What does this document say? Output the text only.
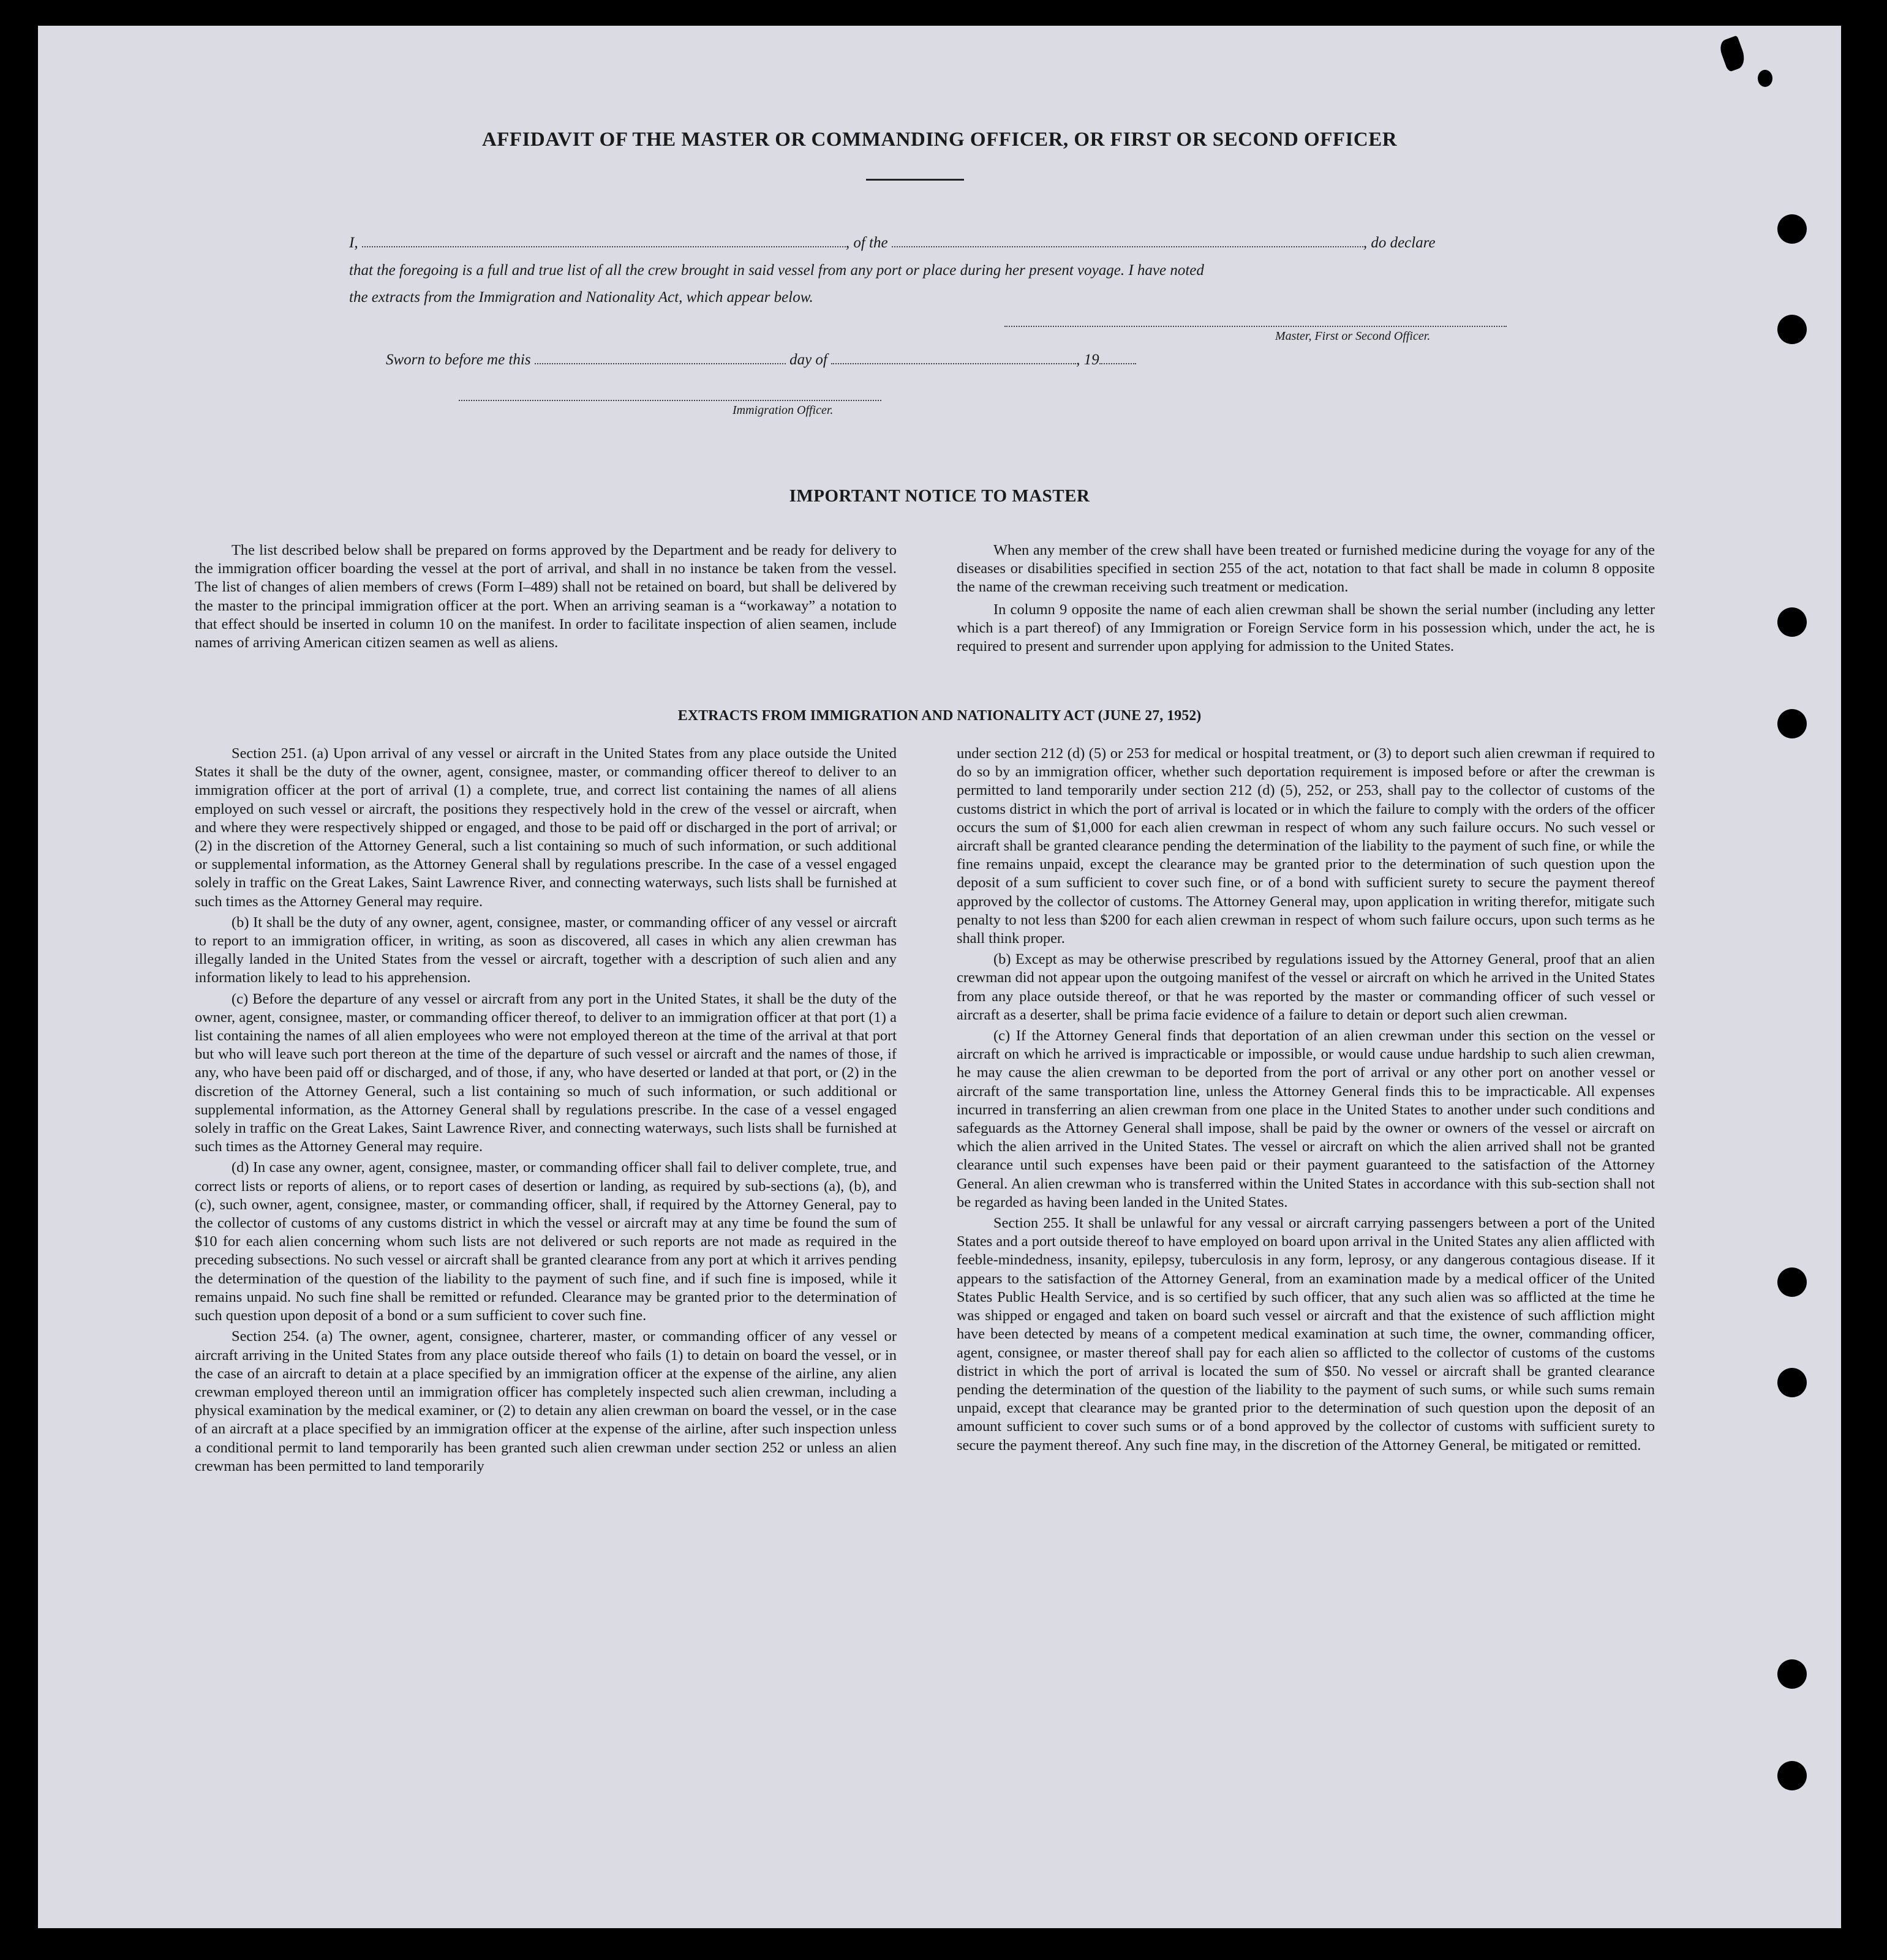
AFFIDAVIT OF THE MASTER OR COMMANDING OFFICER, OR FIRST OR SECOND OFFICER
I,	, of the	, do declare
that the foregoing is a full and true list of all the crew brought in said vessel from any port or place during her present voyage. I have noted
the extracts from the Immigration and Nationality Act, which appear below.
Master, First or Second Officer.
Sworn to before me this	day of	, 19
Immigration Officer.
IMPORTANT NOTICE TO MASTER

The list described below shall be prepared on forms approved by the Department and be ready for delivery to the immigration officer boarding the vessel at the port of arrival, and shall in no instance be taken from the vessel. The list of changes of alien members of crews (Form I–489) shall not be retained on board, but shall be delivered by the master to the principal immigration officer at the port. When an arriving seaman is a “workaway” a notation to that effect should be inserted in column 10 on the manifest. In order to facilitate inspection of alien seamen, include names of arriving American citizen seamen as well as aliens.

When any member of the crew shall have been treated or furnished medicine during the voyage for any of the diseases or disabilities specified in section 255 of the act, notation to that fact shall be made in column 8 opposite the name of the crewman receiving such treatment or medication.

In column 9 opposite the name of each alien crewman shall be shown the serial number (including any letter which is a part thereof) of any Immigration or Foreign Service form in his possession which, under the act, he is required to present and surrender upon applying for admission to the United States.

EXTRACTS FROM IMMIGRATION AND NATIONALITY ACT (JUNE 27, 1952)

Section 251. (a) Upon arrival of any vessel or aircraft in the United States from any place outside the United States it shall be the duty of the owner, agent, consignee, master, or commanding officer thereof to deliver to an immigration officer at the port of arrival (1) a complete, true, and correct list containing the names of all aliens employed on such vessel or aircraft, the positions they respectively hold in the crew of the vessel or aircraft, when and where they were respectively shipped or engaged, and those to be paid off or discharged in the port of arrival; or (2) in the discretion of the Attorney General, such a list containing so much of such information, or such additional or supplemental information, as the Attorney General shall by regulations prescribe. In the case of a vessel engaged solely in traffic on the Great Lakes, Saint Lawrence River, and connecting waterways, such lists shall be furnished at such times as the Attorney General may require.

(b) It shall be the duty of any owner, agent, consignee, master, or commanding officer of any vessel or aircraft to report to an immigration officer, in writing, as soon as discovered, all cases in which any alien crewman has illegally landed in the United States from the vessel or aircraft, together with a description of such alien and any information likely to lead to his apprehension.

(c) Before the departure of any vessel or aircraft from any port in the United States, it shall be the duty of the owner, agent, consignee, master, or commanding officer thereof, to deliver to an immigration officer at that port (1) a list containing the names of all alien employees who were not employed thereon at the time of the arrival at that port but who will leave such port thereon at the time of the departure of such vessel or aircraft and the names of those, if any, who have been paid off or discharged, and of those, if any, who have deserted or landed at that port, or (2) in the discretion of the Attorney General, such a list containing so much of such information, or such additional or supplemental information, as the Attorney General shall by regulations prescribe. In the case of a vessel engaged solely in traffic on the Great Lakes, Saint Lawrence River, and connecting waterways, such lists shall be furnished at such times as the Attorney General may require.

(d) In case any owner, agent, consignee, master, or commanding officer shall fail to deliver complete, true, and correct lists or reports of aliens, or to report cases of desertion or landing, as required by sub-sections (a), (b), and (c), such owner, agent, consignee, master, or commanding officer, shall, if required by the Attorney General, pay to the collector of customs of any customs district in which the vessel or aircraft may at any time be found the sum of $10 for each alien concerning whom such lists are not delivered or such reports are not made as required in the preceding subsections. No such vessel or aircraft shall be granted clearance from any port at which it arrives pending the determination of the question of the liability to the payment of such fine, and if such fine is imposed, while it remains unpaid. No such fine shall be remitted or refunded. Clearance may be granted prior to the determination of such question upon deposit of a bond or a sum sufficient to cover such fine.

Section 254. (a) The owner, agent, consignee, charterer, master, or commanding officer of any vessel or aircraft arriving in the United States from any place outside thereof who fails (1) to detain on board the vessel, or in the case of an aircraft to detain at a place specified by an immigration officer at the expense of the airline, any alien crewman employed thereon until an immigration officer has completely inspected such alien crewman, including a physical examination by the medical examiner, or (2) to detain any alien crewman on board the vessel, or in the case of an aircraft at a place specified by an immigration officer at the expense of the airline, after such inspection unless a conditional permit to land temporarily has been granted such alien crewman under section 252 or unless an alien crewman has been permitted to land temporarily

under section 212 (d) (5) or 253 for medical or hospital treatment, or (3) to deport such alien crewman if required to do so by an immigration officer, whether such deportation requirement is imposed before or after the crewman is permitted to land temporarily under section 212 (d) (5), 252, or 253, shall pay to the collector of customs of the customs district in which the port of arrival is located or in which the failure to comply with the orders of the officer occurs the sum of $1,000 for each alien crewman in respect of whom any such failure occurs. No such vessel or aircraft shall be granted clearance pending the determination of the liability to the payment of such fine, or while the fine remains unpaid, except the clearance may be granted prior to the determination of such question upon the deposit of a sum sufficient to cover such fine, or of a bond with sufficient surety to secure the payment thereof approved by the collector of customs. The Attorney General may, upon application in writing therefor, mitigate such penalty to not less than $200 for each alien crewman in respect of whom such failure occurs, upon such terms as he shall think proper.

(b) Except as may be otherwise prescribed by regulations issued by the Attorney General, proof that an alien crewman did not appear upon the outgoing manifest of the vessel or aircraft on which he arrived in the United States from any place outside thereof, or that he was reported by the master or commanding officer of such vessel or aircraft as a deserter, shall be prima facie evidence of a failure to detain or deport such alien crewman.

(c) If the Attorney General finds that deportation of an alien crewman under this section on the vessel or aircraft on which he arrived is impracticable or impossible, or would cause undue hardship to such alien crewman, he may cause the alien crewman to be deported from the port of arrival or any other port on another vessel or aircraft of the same transportation line, unless the Attorney General finds this to be impracticable. All expenses incurred in transferring an alien crewman from one place in the United States to another under such conditions and safeguards as the Attorney General shall impose, shall be paid by the owner or owners of the vessel or aircraft on which the alien arrived in the United States. The vessel or aircraft on which the alien arrived shall not be granted clearance until such expenses have been paid or their payment guaranteed to the satisfaction of the Attorney General. An alien crewman who is transferred within the United States in accordance with this sub-section shall not be regarded as having been landed in the United States.

Section 255. It shall be unlawful for any vessal or aircraft carrying passengers between a port of the United States and a port outside thereof to have employed on board upon arrival in the United States any alien afflicted with feeble-mindedness, insanity, epilepsy, tuberculosis in any form, leprosy, or any dangerous contagious disease. If it appears to the satisfaction of the Attorney General, from an examination made by a medical officer of the United States Public Health Service, and is so certified by such officer, that any such alien was so afflicted at the time he was shipped or engaged and taken on board such vessel or aircraft and that the existence of such affliction might have been detected by means of a competent medical examination at such time, the owner, commanding officer, agent, consignee, or master thereof shall pay for each alien so afflicted to the collector of customs of the customs district in which the port of arrival is located the sum of $50. No vessel or aircraft shall be granted clearance pending the determination of the question of the liability to the payment of such sums, or while such sums remain unpaid, except that clearance may be granted prior to the determination of such question upon the deposit of an amount sufficient to cover such sums or of a bond approved by the collector of customs with sufficient surety to secure the payment thereof. Any such fine may, in the discretion of the Attorney General, be mitigated or remitted.
